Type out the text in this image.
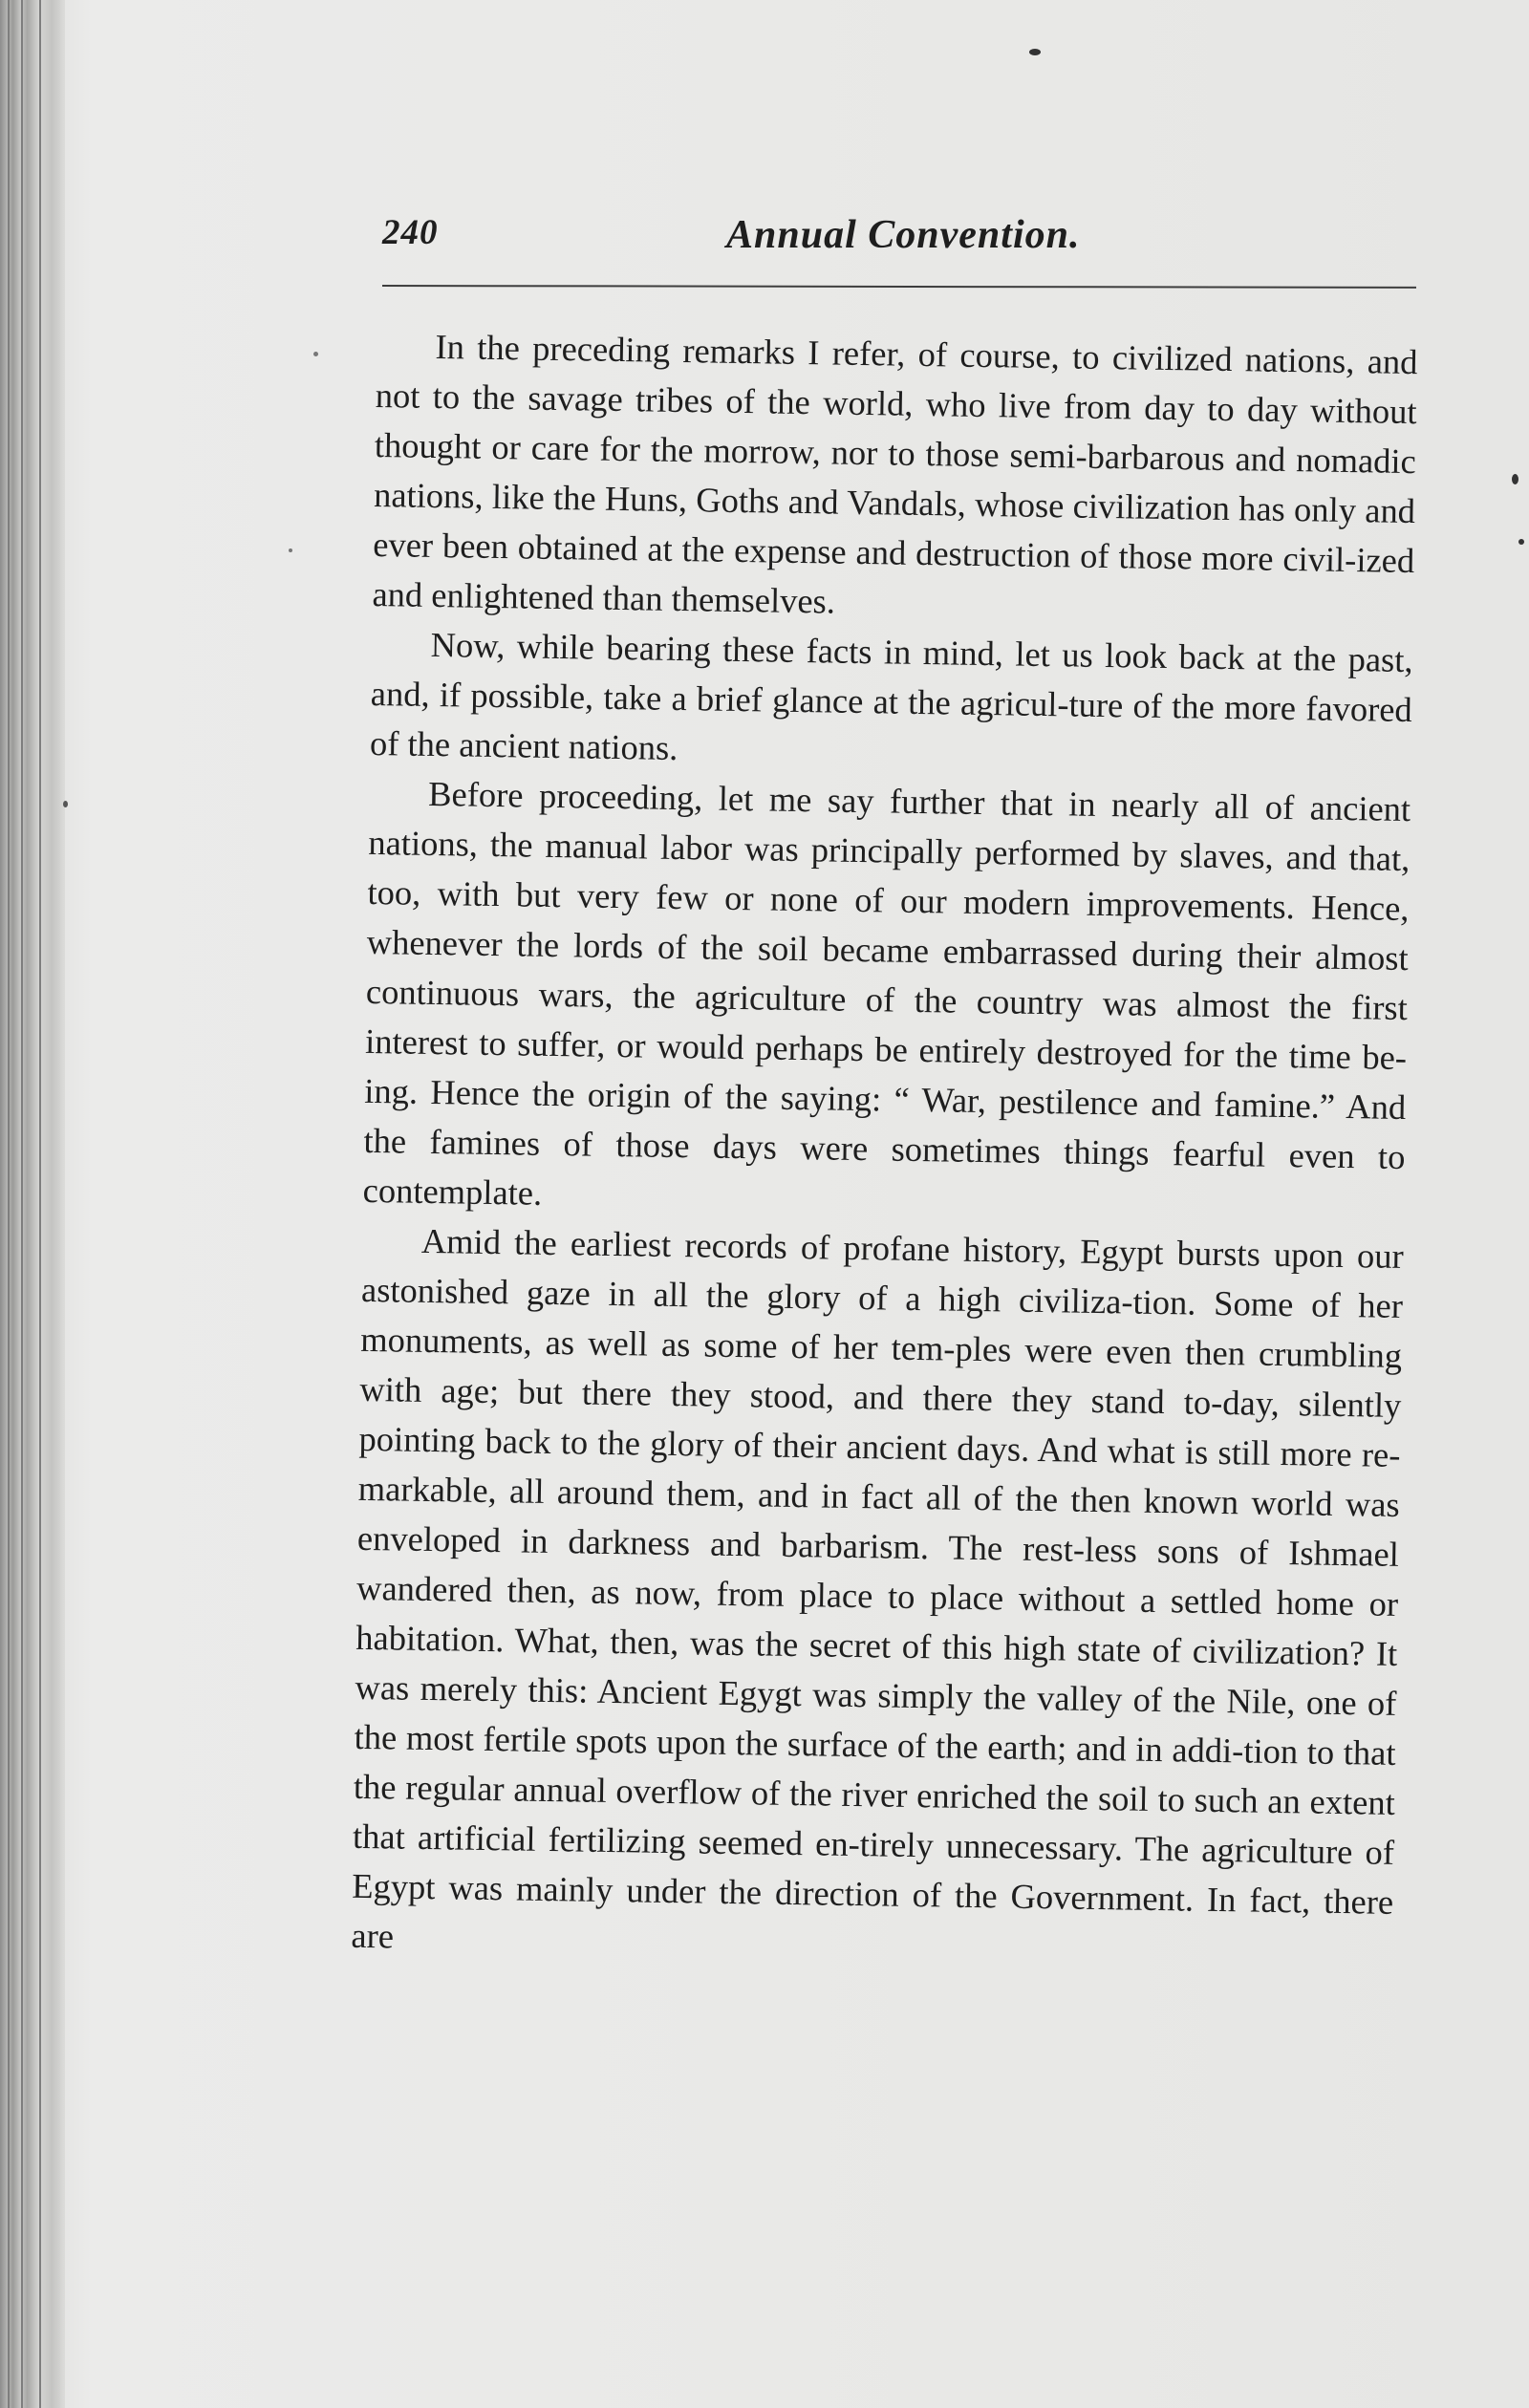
240	Annual Convention.

In the preceding remarks I refer, of course, to civilized nations, and not to the savage tribes of the world, who live from day to day without thought or care for the morrow, nor to those semi-barbarous and nomadic nations, like the Huns, Goths and Vandals, whose civilization has only and ever been obtained at the expense and destruction of those more civil-ized and enlightened than themselves.

Now, while bearing these facts in mind, let us look back at the past, and, if possible, take a brief glance at the agricul-ture of the more favored of the ancient nations.

Before proceeding, let me say further that in nearly all of ancient nations, the manual labor was principally performed by slaves, and that, too, with but very few or none of our modern improvements. Hence, whenever the lords of the soil became embarrassed during their almost continuous wars, the agriculture of the country was almost the first interest to suffer, or would perhaps be entirely destroyed for the time be-ing. Hence the origin of the saying: “ War, pestilence and famine.” And the famines of those days were sometimes things fearful even to contemplate.

Amid the earliest records of profane history, Egypt bursts upon our astonished gaze in all the glory of a high civiliza-tion. Some of her monuments, as well as some of her tem-ples were even then crumbling with age; but there they stood, and there they stand to-day, silently pointing back to the glory of their ancient days. And what is still more re-markable, all around them, and in fact all of the then known world was enveloped in darkness and barbarism. The rest-less sons of Ishmael wandered then, as now, from place to place without a settled home or habitation. What, then, was the secret of this high state of civilization? It was merely this: Ancient Egygt was simply the valley of the Nile, one of the most fertile spots upon the surface of the earth; and in addi-tion to that the regular annual overflow of the river enriched the soil to such an extent that artificial fertilizing seemed en-tirely unnecessary. The agriculture of Egypt was mainly under the direction of the Government. In fact, there are
